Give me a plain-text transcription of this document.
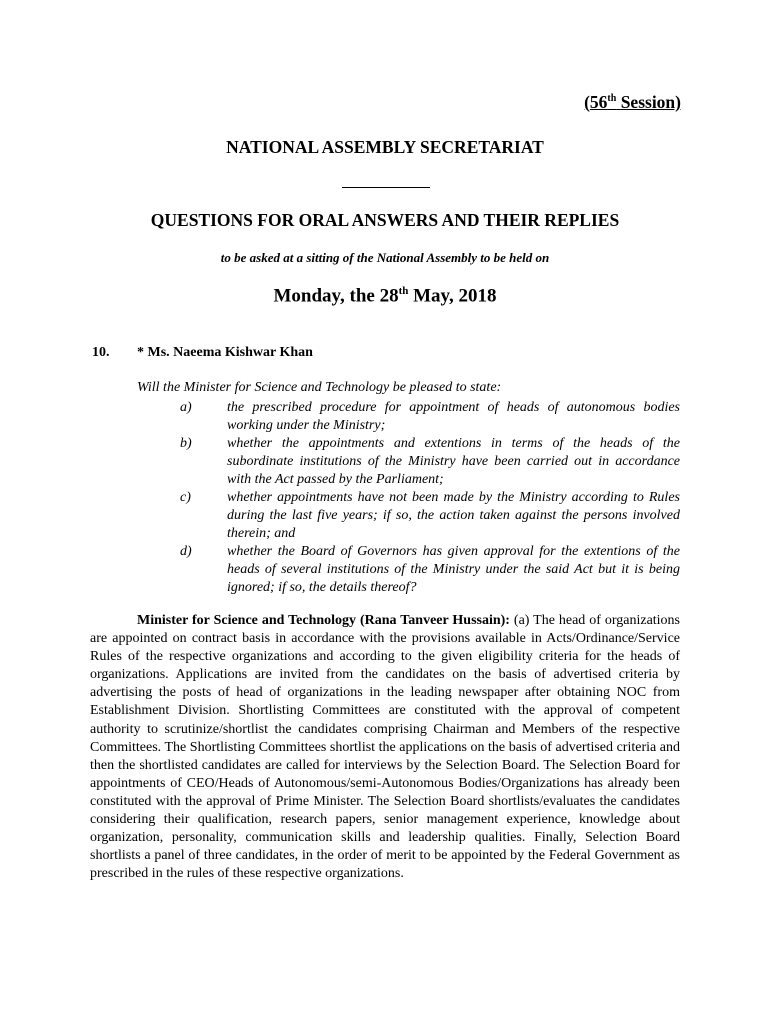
(56th Session)
NATIONAL ASSEMBLY SECRETARIAT
QUESTIONS FOR ORAL ANSWERS AND THEIR REPLIES
to be asked at a sitting of the National Assembly to be held on
Monday, the 28th May, 2018
10. * Ms. Naeema Kishwar Khan
Will the Minister for Science and Technology be pleased to state:
a)	the prescribed procedure for appointment of heads of autonomous bodies working under the Ministry;
b)	whether the appointments and extentions in terms of the heads of the subordinate institutions of the Ministry have been carried out in accordance with the Act passed by the Parliament;
c)	whether appointments have not been made by the Ministry according to Rules during the last five years; if so, the action taken against the persons involved therein; and
d)	whether the Board of Governors has given approval for the extentions of the heads of several institutions of the Ministry under the said Act but it is being ignored; if so, the details thereof?
Minister for Science and Technology (Rana Tanveer Hussain): (a) The head of organizations are appointed on contract basis in accordance with the provisions available in Acts/Ordinance/Service Rules of the respective organizations and according to the given eligibility criteria for the heads of organizations. Applications are invited from the candidates on the basis of advertised criteria by advertising the posts of head of organizations in the leading newspaper after obtaining NOC from Establishment Division. Shortlisting Committees are constituted with the approval of competent authority to scrutinize/shortlist the candidates comprising Chairman and Members of the respective Committees. The Shortlisting Committees shortlist the applications on the basis of advertised criteria and then the shortlisted candidates are called for interviews by the Selection Board. The Selection Board for appointments of CEO/Heads of Autonomous/semi-Autonomous Bodies/Organizations has already been constituted with the approval of Prime Minister. The Selection Board shortlists/evaluates the candidates considering their qualification, research papers, senior management experience, knowledge about organization, personality, communication skills and leadership qualities. Finally, Selection Board shortlists a panel of three candidates, in the order of merit to be appointed by the Federal Government as prescribed in the rules of these respective organizations.
